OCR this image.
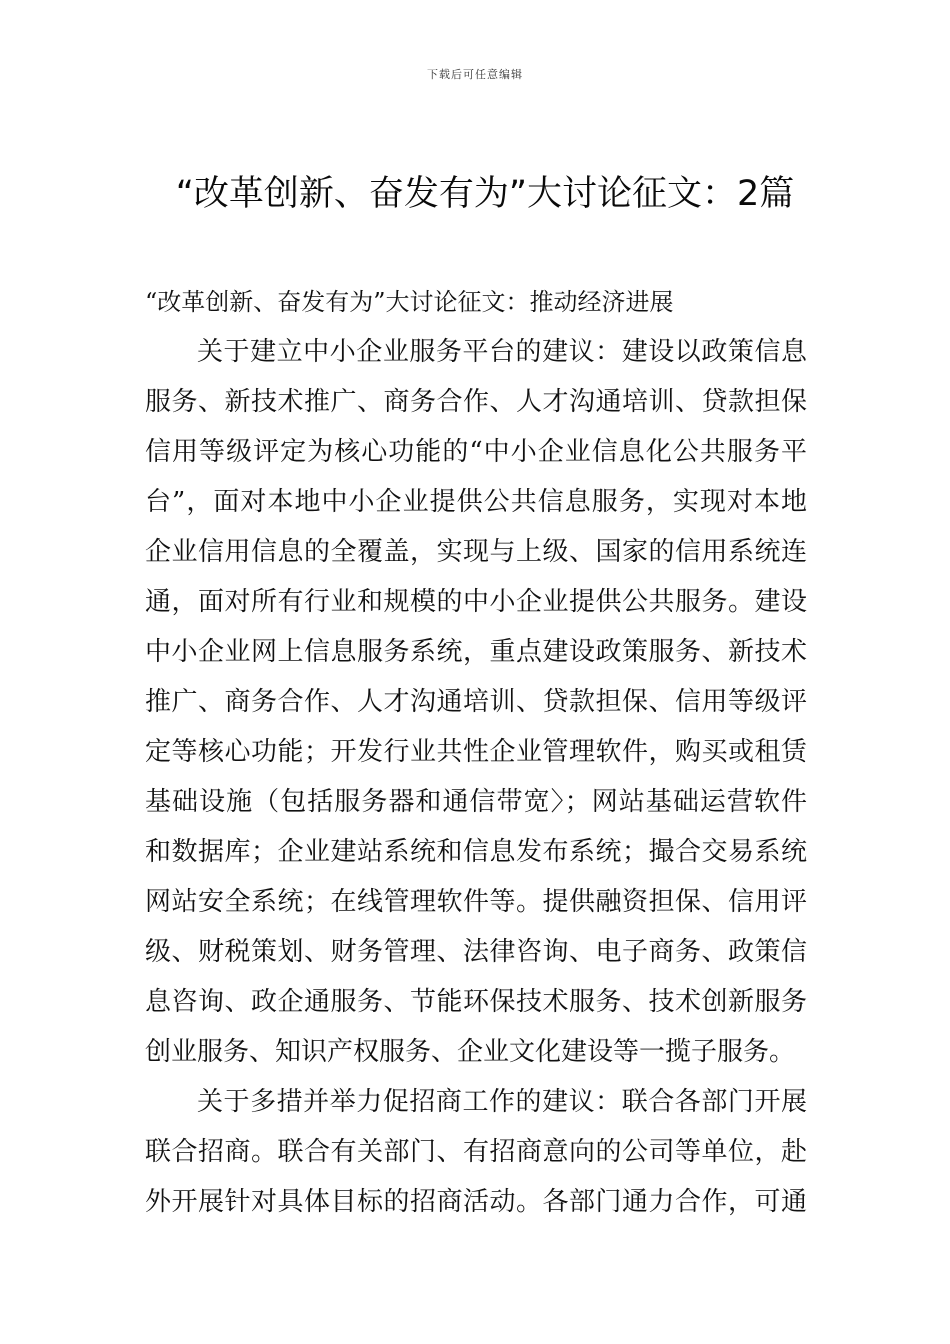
下载后可任意编辑
“改革创新、奋发有为”大讨论征文：2篇

“改革创新、奋发有为”大讨论征文：推动经济进展

关于建立中小企业服务平台的建议：建设以政策信息
服务、新技术推广、商务合作、人才沟通培训、贷款担保
信用等级评定为核心功能的“中小企业信息化公共服务平
台”，面对本地中小企业提供公共信息服务，实现对本地
企业信用信息的全覆盖，实现与上级、国家的信用系统连
通，面对所有行业和规模的中小企业提供公共服务。建设
中小企业网上信息服务系统，重点建设政策服务、新技术
推广、商务合作、人才沟通培训、贷款担保、信用等级评
定等核心功能；开发行业共性企业管理软件，购买或租赁
基础设施（包括服务器和通信带宽〉；网站基础运营软件
和数据库；企业建站系统和信息发布系统；撮合交易系统
网站安全系统；在线管理软件等。提供融资担保、信用评
级、财税策划、财务管理、法律咨询、电子商务、政策信
息咨询、政企通服务、节能环保技术服务、技术创新服务
创业服务、知识产权服务、企业文化建设等一揽子服务。

关于多措并举力促招商工作的建议：联合各部门开展
联合招商。联合有关部门、有招商意向的公司等单位，赴
外开展针对具体目标的招商活动。各部门通力合作，可通
